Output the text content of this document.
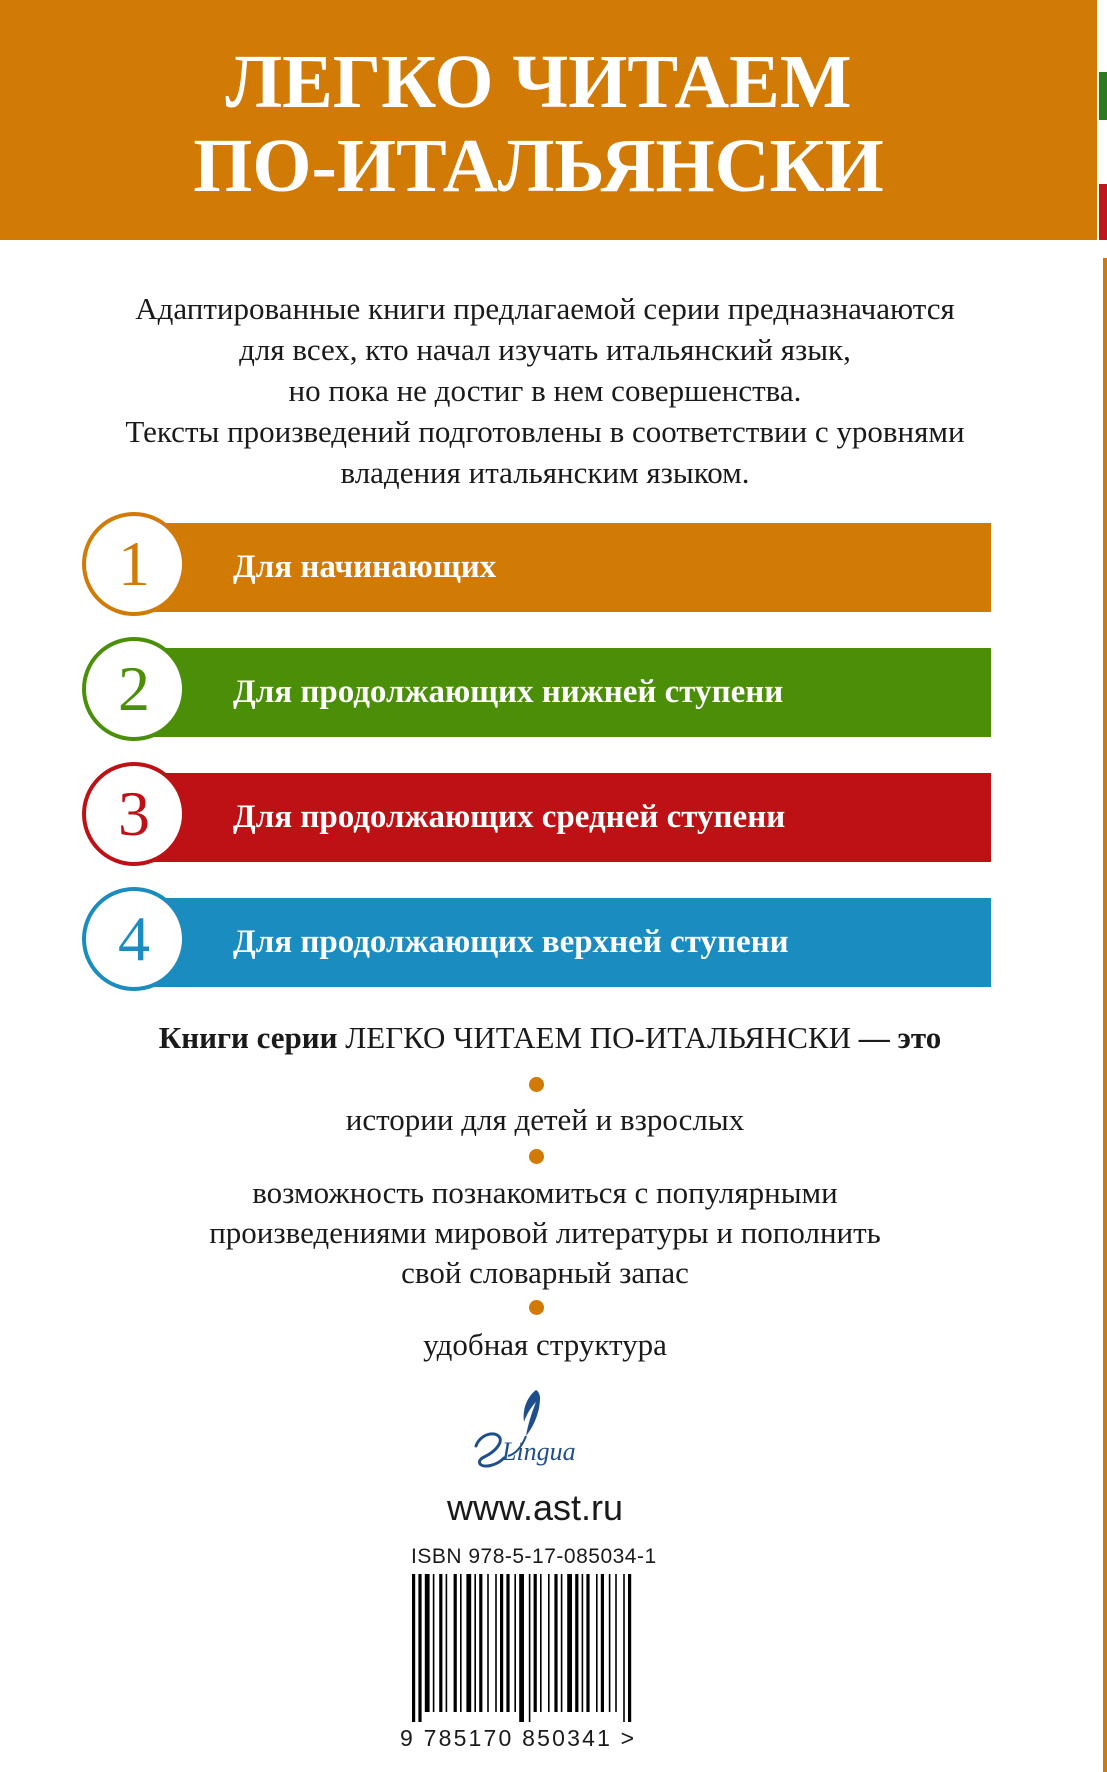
ЛЕГКО ЧИТАЕМ
ПО-ИТАЛЬЯНСКИ
Адаптированные книги предлагаемой серии предназначаются
для всех, кто начал изучать итальянский язык,
но пока не достиг в нем совершенства.
Тексты произведений подготовлены в соответствии с уровнями
владения итальянским языком.
Для начинающих
1
Для продолжающих нижней ступени
2
Для продолжающих средней ступени
3
Для продолжающих верхней ступени
4
Книги серии ЛЕГКО ЧИТАЕМ ПО-ИТАЛЬЯНСКИ — это
истории для детей и взрослых
возможность познакомиться с популярными
произведениями мировой литературы и пополнить
свой словарный запас
удобная структура
Lingua
www.ast.ru
ISBN 978-5-17-085034-1
9 785170 850341 >
